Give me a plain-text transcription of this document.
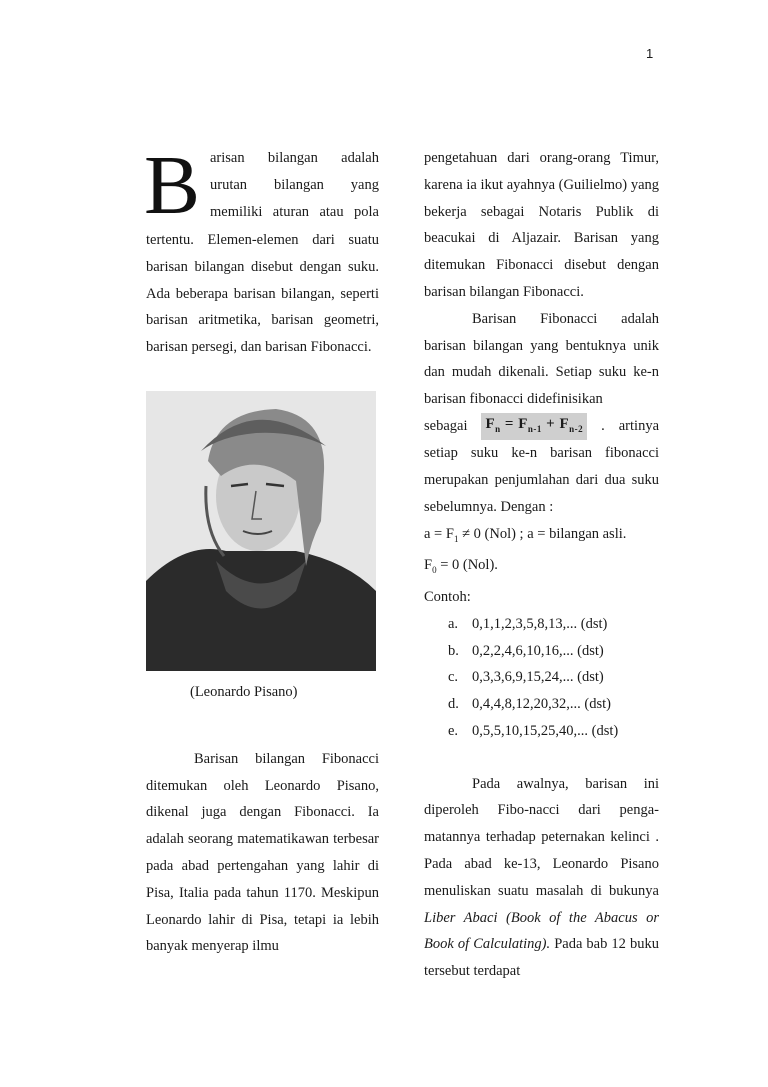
1
B arisan bilangan adalah
urutan bilangan yang
memiliki aturan atau pola

tertentu. Elemen-elemen dari suatu barisan bilangan disebut dengan suku. Ada beberapa barisan bilangan, seperti barisan aritmetika, barisan geometri, barisan persegi, dan barisan Fibonacci.

(Leonardo Pisano)

Barisan bilangan Fibonacci ditemukan oleh Leonardo Pisano, dikenal juga dengan Fibonacci. Ia adalah seorang matematikawan terbesar pada abad pertengahan yang lahir di Pisa, Italia pada tahun 1170. Meskipun Leonardo lahir di Pisa, tetapi ia lebih banyak menyerap ilmu

pengetahuan dari orang-orang Timur, karena ia ikut ayahnya (Guilielmo) yang bekerja sebagai Notaris Publik di beacukai di Aljazair. Barisan yang ditemukan Fibonacci disebut dengan barisan bilangan Fibonacci.

Barisan Fibonacci adalah barisan bilangan yang bentuknya unik dan mudah dikenali. Setiap suku ke-n barisan fibonacci didefinisikan

sebagai $F_n = F_{n-1} + F_{n-2}$ . artinya setiap suku ke-n barisan fibonacci merupakan penjumlahan dari dua suku sebelumnya. Dengan :

$a = F_1 \ne 0$ (Nol) ; a = bilangan asli.
$F_0 = 0$ (Nol).
Contoh:
a. 0,1,1,2,3,5,8,13,... (dst)
b. 0,2,2,4,6,10,16,... (dst)
c. 0,3,3,6,9,15,24,... (dst)
d. 0,4,4,8,12,20,32,... (dst)
e. 0,5,5,10,15,25,40,... (dst)

Pada awalnya, barisan ini diperoleh Fibo-nacci dari penga-matannya terhadap peternakan kelinci . Pada abad ke-13, Leonardo Pisano menuliskan suatu masalah di bukunya Liber Abaci (Book of the Abacus or Book of Calculating). Pada bab 12 buku tersebut terdapat
